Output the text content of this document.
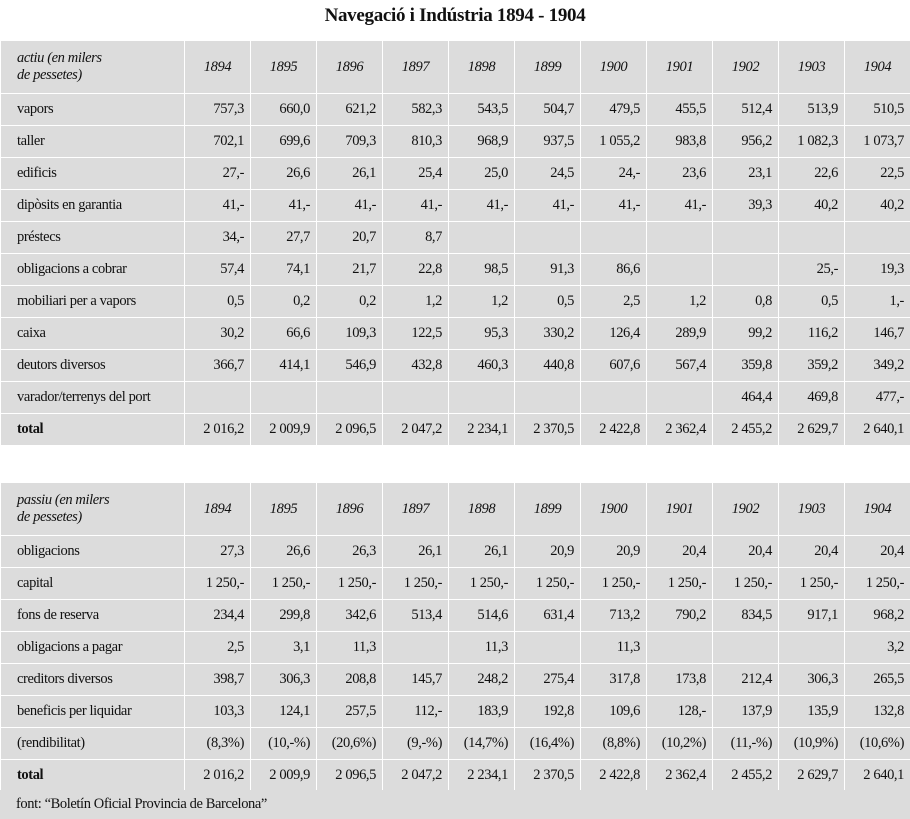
Navegació i Indústria 1894 - 1904
actiu (en milers
de pessetes)	1894	1895	1896	1897	1898	1899	1900	1901	1902	1903	1904
vapors	757,3	660,0	621,2	582,3	543,5	504,7	479,5	455,5	512,4	513,9	510,5
taller	702,1	699,6	709,3	810,3	968,9	937,5	1 055,2	983,8	956,2	1 082,3	1 073,7
edificis	27,-	26,6	26,1	25,4	25,0	24,5	24,-	23,6	23,1	22,6	22,5
dipòsits en garantia	41,-	41,-	41,-	41,-	41,-	41,-	41,-	41,-	39,3	40,2	40,2
préstecs	34,-	27,7	20,7	8,7							
obligacions a cobrar	57,4	74,1	21,7	22,8	98,5	91,3	86,6			25,-	19,3
mobiliari per a vapors	0,5	0,2	0,2	1,2	1,2	0,5	2,5	1,2	0,8	0,5	1,-
caixa	30,2	66,6	109,3	122,5	95,3	330,2	126,4	289,9	99,2	116,2	146,7
deutors diversos	366,7	414,1	546,9	432,8	460,3	440,8	607,6	567,4	359,8	359,2	349,2
varador/terrenys del port									464,4	469,8	477,-
total	2 016,2	2 009,9	2 096,5	2 047,2	2 234,1	2 370,5	2 422,8	2 362,4	2 455,2	2 629,7	2 640,1
passiu (en milers
de pessetes)	1894	1895	1896	1897	1898	1899	1900	1901	1902	1903	1904
obligacions	27,3	26,6	26,3	26,1	26,1	20,9	20,9	20,4	20,4	20,4	20,4
capital	1 250,-	1 250,-	1 250,-	1 250,-	1 250,-	1 250,-	1 250,-	1 250,-	1 250,-	1 250,-	1 250,-
fons de reserva	234,4	299,8	342,6	513,4	514,6	631,4	713,2	790,2	834,5	917,1	968,2
obligacions a pagar	2,5	3,1	11,3		11,3		11,3				3,2
creditors diversos	398,7	306,3	208,8	145,7	248,2	275,4	317,8	173,8	212,4	306,3	265,5
beneficis per liquidar	103,3	124,1	257,5	112,-	183,9	192,8	109,6	128,-	137,9	135,9	132,8
(rendibilitat)	(8,3%)	(10,-%)	(20,6%)	(9,-%)	(14,7%)	(16,4%)	(8,8%)	(10,2%)	(11,-%)	(10,9%)	(10,6%)
total	2 016,2	2 009,9	2 096,5	2 047,2	2 234,1	2 370,5	2 422,8	2 362,4	2 455,2	2 629,7	2 640,1
font: “Boletín Oficial Provincia de Barcelona”
